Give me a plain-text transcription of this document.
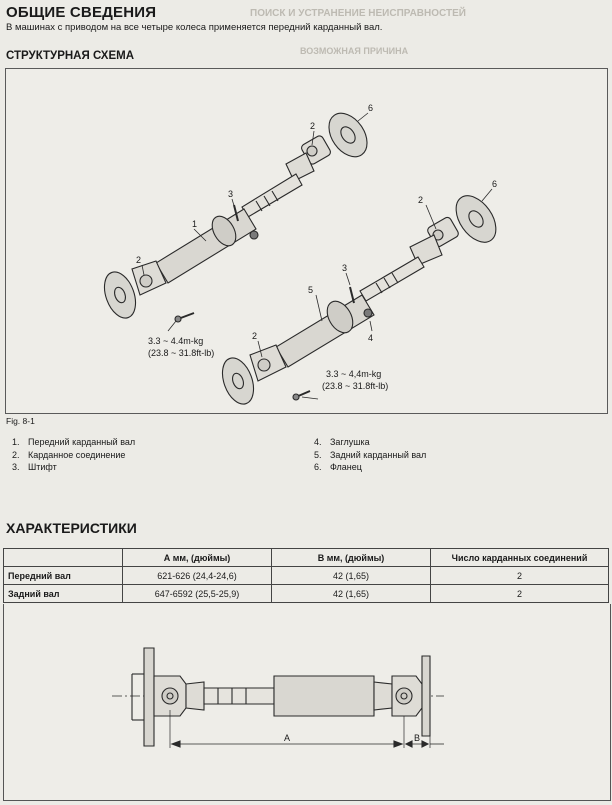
ПОИСК И УСТРАНЕНИЕ НЕИСПРАВНОСТЕЙ
ВОЗМОЖНАЯ ПРИЧИНА
ОБЩИЕ СВЕДЕНИЯ
В машинах с приводом на все четыре колеса применяется передний карданный вал.
СТРУКТУРНАЯ СХЕМА
2
6
1
3
2
3.3 ~ 4.4m-kg
(23.8 ~ 31.8ft-lb)
2
6
3
5
2	4
3.3 ~ 4,4m-kg
(23.8 ~ 31.8ft-lb)
Fig. 8-1
1. Передний карданный вал
2. Карданное соединение
3. Штифт
4. Заглушка
5. Задний карданный вал
6. Фланец
ХАРАКТЕРИСТИКИ
	А мм, (дюймы)	В мм, (дюймы)	Число карданных соединений
Передний вал	621-626 (24,4-24,6)	42 (1,65)	2
Задний вал	647-6592 (25,5-25,9)	42 (1,65)	2
A	B
